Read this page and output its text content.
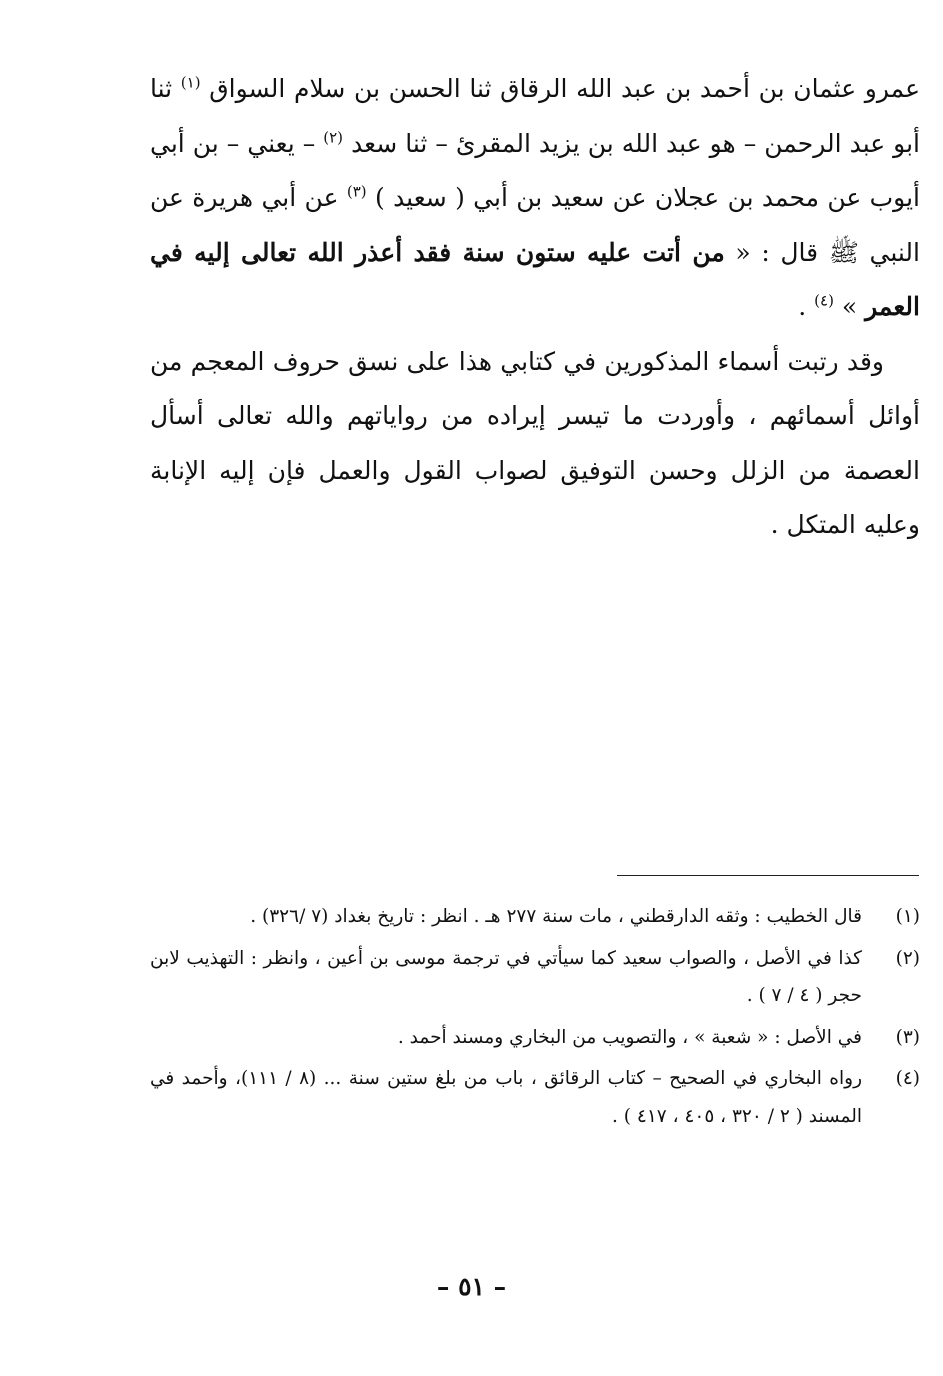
عمرو عثمان بن أحمد بن عبد الله الرقاق ثنا الحسن بن سلام السواق $^{(١)}$ ثنا أبو عبد الرحمن – هو عبد الله بن يزيد المقرئ – ثنا سعد $^{(٢)}$ – يعني – بن أبي أيوب عن محمد بن عجلان عن سعيد بن أبي ( سعيد ) $^{(٣)}$ عن أبي هريرة عن النبي ﷺ قال : « من أتت عليه ستون سنة فقد أعذر الله تعالى إليه في العمر » $^{(٤)}$ .

وقد رتبت أسماء المذكورين في كتابي هذا على نسق حروف المعجم من أوائل أسمائهم ، وأوردت ما تيسر إيراده من رواياتهم والله تعالى أسأل العصمة من الزلل وحسن التوفيق لصواب القول والعمل فإن إليه الإنابة وعليه المتكل .

(١)
قال الخطيب : وثقه الدارقطني ، مات سنة ٢٧٧ هـ . انظر : تاريخ بغداد (٧ /٣٢٦) .
(٢)
كذا في الأصل ، والصواب سعيد كما سيأتي في ترجمة موسى بن أعين ، وانظر : التهذيب لابن حجر ( ٤ / ٧ ) .
(٣)
في الأصل : « شعبة » ، والتصويب من البخاري ومسند أحمد .
(٤)
رواه البخاري في الصحيح – كتاب الرقائق ، باب من بلغ ستين سنة ... (٨ / ١١١)، وأحمد في المسند ( ٢ / ٣٢٠ ، ٤٠٥ ، ٤١٧ ) .
– ٥١ –
